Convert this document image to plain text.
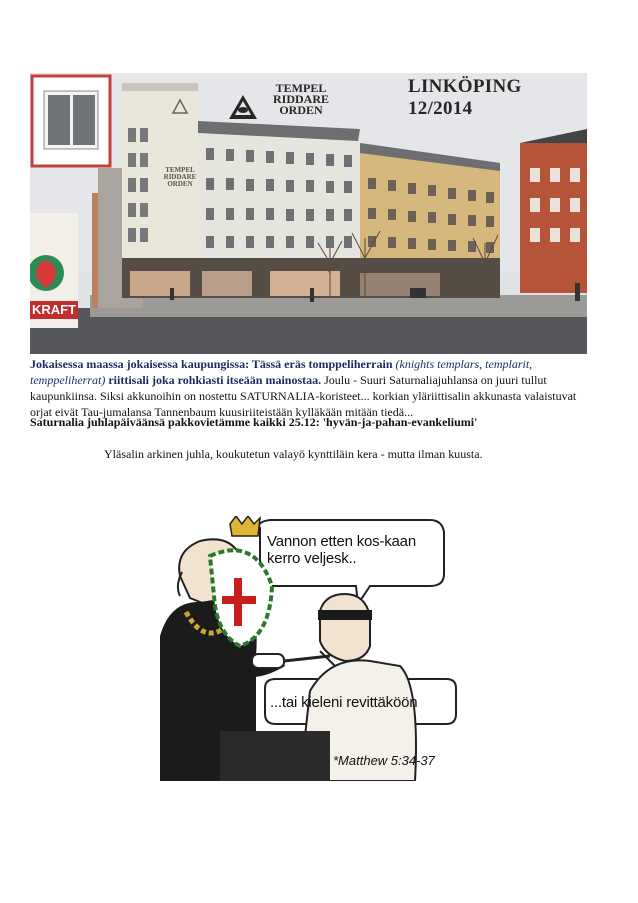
TEMPEL
RIDDARE
ORDEN
LINKÖPING 12/2014
TEMPEL
RIDDARE
ORDEN
KRAFT
Jokaisessa maassa jokaisessa kaupungissa: Tässä eräs tomppeliherrain (knights templars, templarit, temppeliherrat) riittisali joka rohkiasti itseään mainostaa. Joulu - Suuri Saturnaliajuhlansa on juuri tullut kaupunkiinsa. Siksi akkunoihin on nostettu SATURNALIA-koristeet... korkian yläriittisalin akkunasta valaistuvat orjat eivät Tau-jumalansa Tannenbaum kuusiriiteistään kylläkään mitään tiedä...
Saturnalia juhlapäiväänsä pakkovietämme kaikki 25.12: 'hyvän-ja-pahan-evankeliumi'
Yläsalin arkinen juhla, koukutetun valayö kynttiläin kera - mutta ilman kuusta.
Vannon etten kos-kaan kerro veljesk..
...tai kieleni revittäköön
*Matthew 5:34-37
